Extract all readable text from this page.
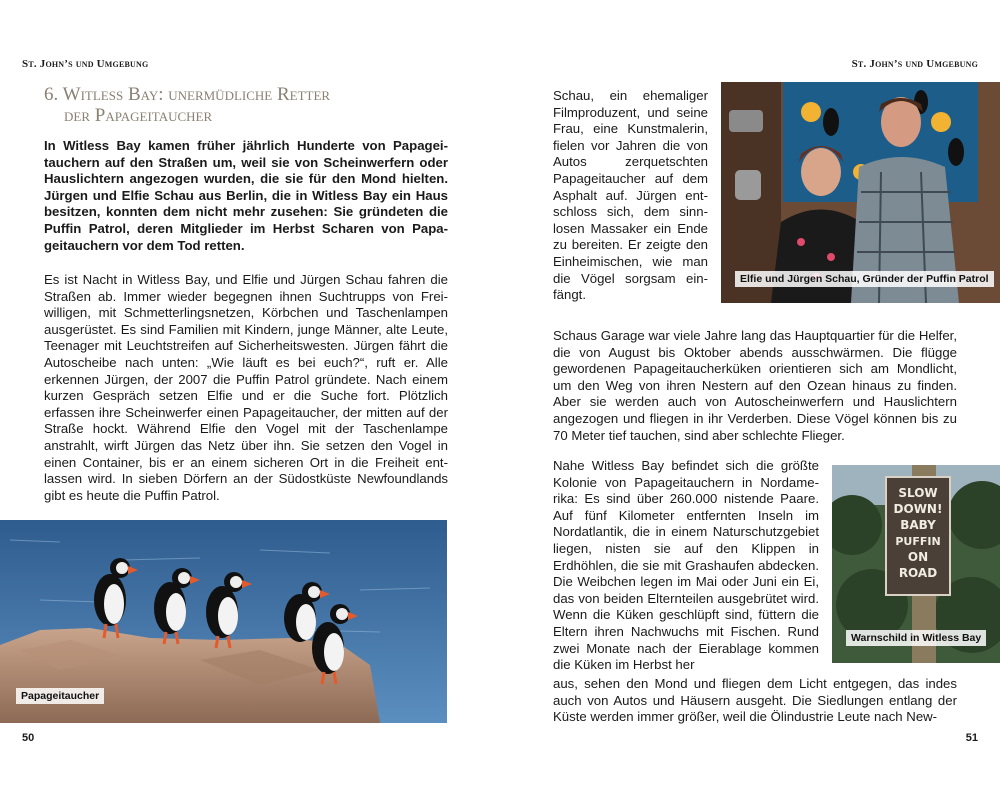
St. John’s und Umgebung
6. Witless Bay: unermüdliche Retter
der Papageitaucher
In Witless Bay kamen früher jährlich Hunderte von Papageitauchern auf den Straßen um, weil sie von Scheinwerfern oder Hauslichtern angezogen wurden, die sie für den Mond hielten. Jürgen und Elfie Schau aus Berlin, die in Witless Bay ein Haus besitzen, konnten dem nicht mehr zusehen: Sie gründeten die Puffin Patrol, deren Mitglieder im Herbst Scharen von Papageitauchern vor dem Tod retten.
Es ist Nacht in Witless Bay, und Elfie und Jürgen Schau fahren die Straßen ab. Immer wieder begegnen ihnen Suchtrupps von Freiwilligen, mit Schmetterlingsnetzen, Körbchen und Taschenlampen ausgerüstet. Es sind Familien mit Kindern, junge Männer, alte Leute, Teenager mit Leuchtstreifen auf Sicherheitswesten. Jürgen fährt die Autoscheibe nach unten: „Wie läuft es bei euch?“, ruft er. Alle erkennen Jürgen, der 2007 die Puffin Patrol gründete. Nach einem kurzen Gespräch setzen Elfie und er die Suche fort. Plötzlich erfassen ihre Scheinwerfer einen Papageitaucher, der mitten auf der Straße hockt. Während Elfie den Vogel mit der Taschenlampe anstrahlt, wirft Jürgen das Netz über ihn. Sie setzen den Vogel in einen Container, bis er an einem sicheren Ort in die Freiheit entlassen wird. In sieben Dörfern an der Südostküste Newfoundlands gibt es heute die Puffin Patrol.
Papageitaucher
50
St. John’s und Umgebung
Schau, ein ehemaliger Filmproduzent, und seine Frau, eine Kunstmalerin, fielen vor Jahren die von Autos zerquetschten Papageitaucher auf dem Asphalt auf. Jürgen entschloss sich, dem sinnlosen Massaker ein Ende zu bereiten. Er zeigte den Einheimischen, wie man die Vögel sorgsam einfängt.
Elfie und Jürgen Schau, Gründer der Puffin Patrol
Schaus Garage war viele Jahre lang das Hauptquartier für die Helfer, die von August bis Oktober abends ausschwärmen. Die flügge gewordenen Papageitaucherküken orientieren sich am Mondlicht, um den Weg von ihren Nestern auf den Ozean hinaus zu finden. Aber sie werden auch von Autoscheinwerfern und Hauslichtern angezogen und fliegen in ihr Verderben. Diese Vögel können bis zu 70 Meter tief tauchen, sind aber schlechte Flieger.
Nahe Witless Bay befindet sich die größte Kolonie von Papageitauchern in Nordamerika: Es sind über 260.000 nistende Paare. Auf fünf Kilometer entfernten Inseln im Nordatlantik, die in einem Naturschutzgebiet liegen, nisten sie auf den Klippen in Erdhöhlen, die sie mit Grashaufen abdecken. Die Weibchen legen im Mai oder Juni ein Ei, das von beiden Elternteilen ausgebrütet wird. Wenn die Küken geschlüpft sind, füttern die Eltern ihren Nachwuchs mit Fischen. Rund zwei Monate nach der Eierablage kommen die Küken im Herbst her
aus, sehen den Mond und fliegen dem Licht entgegen, das indes auch von Autos und Häusern ausgeht. Die Siedlungen entlang der Küste werden immer größer, weil die Ölindustrie Leute nach New-
SLOW
DOWN!
BABY
PUFFIN
ON
ROAD
Warnschild in Witless Bay
51
